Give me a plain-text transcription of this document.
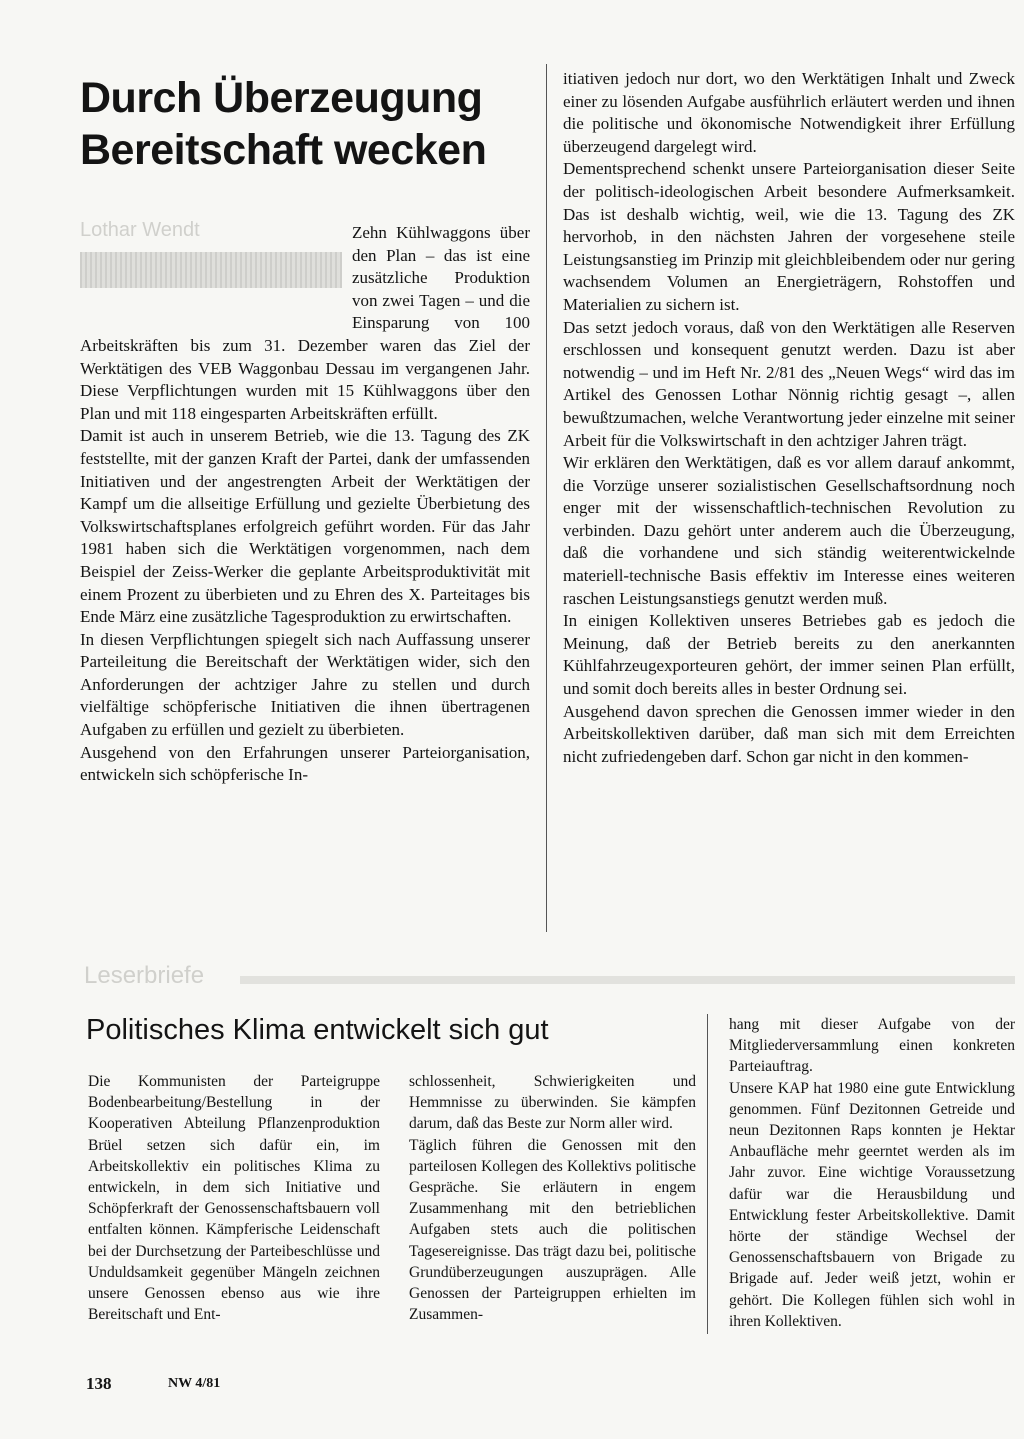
Durch Überzeugung
Bereitschaft wecken
Lothar Wendt	Zehn Kühlwaggons über den Plan – das ist eine zusätzliche Produktion von zwei Tagen – und die Einsparung von 100 Arbeitskräften bis zum 31. Dezember waren das Ziel der Werktätigen des VEB Waggonbau Dessau im vergangenen Jahr. Diese Verpflichtungen wurden mit 15 Kühlwaggons über den Plan und mit 118 eingesparten Arbeitskräften erfüllt.

Damit ist auch in unserem Betrieb, wie die 13. Tagung des ZK feststellte, mit der ganzen Kraft der Partei, dank der umfassenden Initiativen und der angestrengten Arbeit der Werktätigen der Kampf um die allseitige Erfüllung und gezielte Überbietung des Volkswirtschaftsplanes erfolgreich geführt worden. Für das Jahr 1981 haben sich die Werktätigen vorgenommen, nach dem Beispiel der Zeiss-Werker die geplante Arbeitsproduktivität mit einem Prozent zu überbieten und zu Ehren des X. Parteitages bis Ende März eine zusätzliche Tagesproduktion zu erwirtschaften.

In diesen Verpflichtungen spiegelt sich nach Auffassung unserer Parteileitung die Bereitschaft der Werktätigen wider, sich den Anforderungen der achtziger Jahre zu stellen und durch vielfältige schöpferische Initiativen die ihnen übertragenen Aufgaben zu erfüllen und gezielt zu überbieten.

Ausgehend von den Erfahrungen unserer Parteiorganisation, entwickeln sich schöpferische In-

itiativen jedoch nur dort, wo den Werktätigen Inhalt und Zweck einer zu lösenden Aufgabe ausführlich erläutert werden und ihnen die politische und ökonomische Notwendigkeit ihrer Erfüllung überzeugend dargelegt wird.

Dementsprechend schenkt unsere Parteiorganisation dieser Seite der politisch-ideologischen Arbeit besondere Aufmerksamkeit. Das ist deshalb wichtig, weil, wie die 13. Tagung des ZK hervorhob, in den nächsten Jahren der vorgesehene steile Leistungsanstieg im Prinzip mit gleichbleibendem oder nur gering wachsendem Volumen an Energieträgern, Rohstoffen und Materialien zu sichern ist.

Das setzt jedoch voraus, daß von den Werktätigen alle Reserven erschlossen und konsequent genutzt werden. Dazu ist aber notwendig – und im Heft Nr. 2/81 des „Neuen Wegs“ wird das im Artikel des Genossen Lothar Nönnig richtig gesagt –, allen bewußtzumachen, welche Verantwortung jeder einzelne mit seiner Arbeit für die Volkswirtschaft in den achtziger Jahren trägt.

Wir erklären den Werktätigen, daß es vor allem darauf ankommt, die Vorzüge unserer sozialistischen Gesellschaftsordnung noch enger mit der wissenschaftlich-technischen Revolution zu verbinden. Dazu gehört unter anderem auch die Überzeugung, daß die vorhandene und sich ständig weiterentwickelnde materiell-technische Basis effektiv im Interesse eines weiteren raschen Leistungsanstiegs genutzt werden muß.

In einigen Kollektiven unseres Betriebes gab es jedoch die Meinung, daß der Betrieb bereits zu den anerkannten Kühlfahrzeugexporteuren gehört, der immer seinen Plan erfüllt, und somit doch bereits alles in bester Ordnung sei.

Ausgehend davon sprechen die Genossen immer wieder in den Arbeitskollektiven darüber, daß man sich mit dem Erreichten nicht zufriedengeben darf. Schon gar nicht in den kommen-

Leserbriefe
Politisches Klima entwickelt sich gut

Die Kommunisten der Parteigruppe Bodenbearbeitung/Bestellung in der Kooperativen Abteilung Pflanzenproduktion Brüel setzen sich dafür ein, im Arbeitskollektiv ein politisches Klima zu entwickeln, in dem sich Initiative und Schöpferkraft der Genossenschaftsbauern voll entfalten können. Kämpferische Leidenschaft bei der Durchsetzung der Parteibeschlüsse und Unduldsamkeit gegenüber Mängeln zeichnen unsere Genossen ebenso aus wie ihre Bereitschaft und Ent-

schlossenheit, Schwierigkeiten und Hemmnisse zu überwinden. Sie kämpfen darum, daß das Beste zur Norm aller wird.

Täglich führen die Genossen mit den parteilosen Kollegen des Kollektivs politische Gespräche. Sie erläutern in engem Zusammenhang mit den betrieblichen Aufgaben stets auch die politischen Tagesereignisse. Das trägt dazu bei, politische Grundüberzeugungen auszuprägen. Alle Genossen der Parteigruppen erhielten im Zusammen-

hang mit dieser Aufgabe von der Mitgliederversammlung einen konkreten Parteiauftrag.

Unsere KAP hat 1980 eine gute Entwicklung genommen. Fünf Dezitonnen Getreide und neun Dezitonnen Raps konnten je Hektar Anbaufläche mehr geerntet werden als im Jahr zuvor. Eine wichtige Voraussetzung dafür war die Herausbildung und Entwicklung fester Arbeitskollektive. Damit hörte der ständige Wechsel der Genossenschaftsbauern von Brigade zu Brigade auf. Jeder weiß jetzt, wohin er gehört. Die Kollegen fühlen sich wohl in ihren Kollektiven.

138	NW 4/81
